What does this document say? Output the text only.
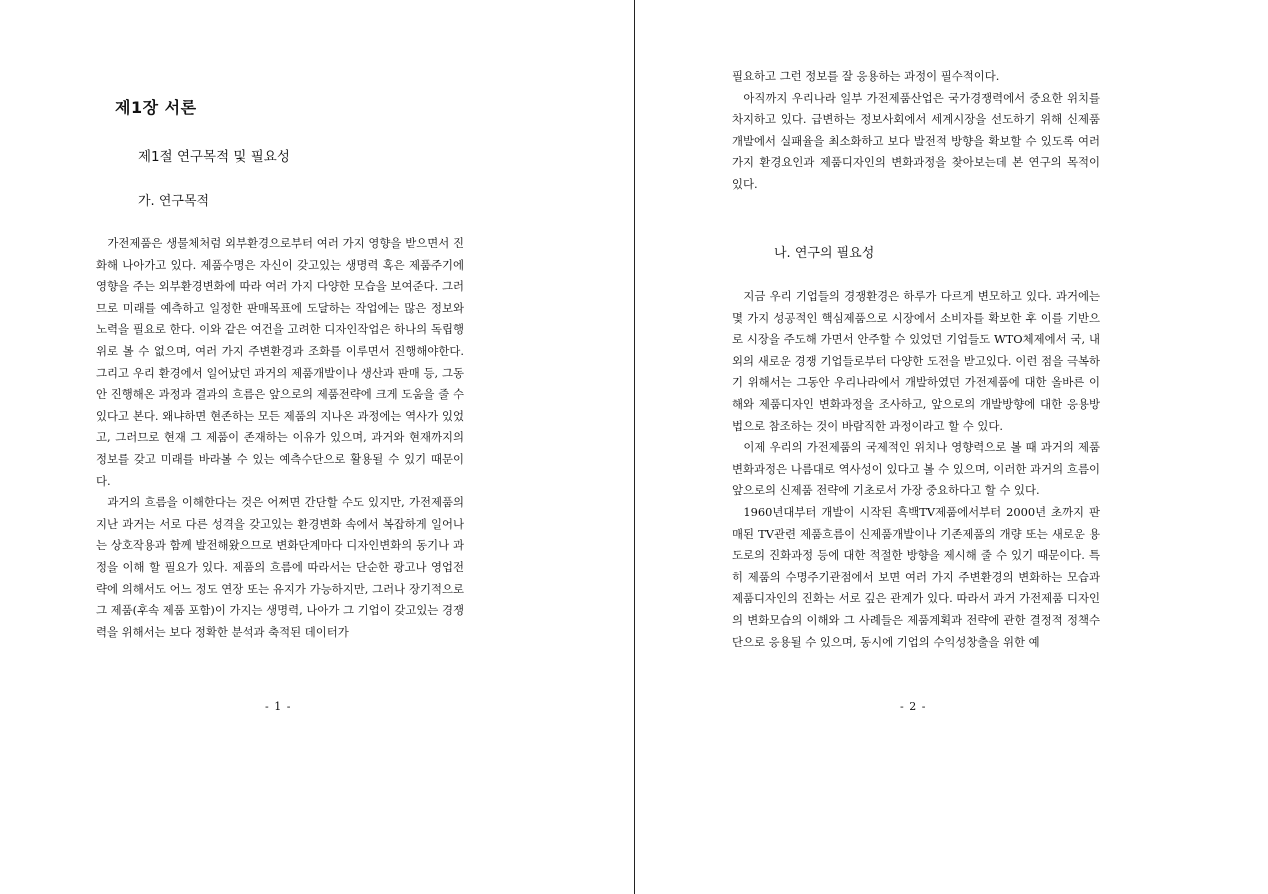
제1장 서론
제1절 연구목적 및 필요성
가. 연구목적

가전제품은 생물체처럼 외부환경으로부터 여러 가지 영향을 받으면서 진화해 나아가고 있다. 제품수명은 자신이 갖고있는 생명력 혹은 제품주기에 영향을 주는 외부환경변화에 따라 여러 가지 다양한 모습을 보여준다. 그러므로 미래를 예측하고 일정한 판매목표에 도달하는 작업에는 많은 정보와 노력을 필요로 한다. 이와 같은 여건을 고려한 디자인작업은 하나의 독립행위로 볼 수 없으며, 여러 가지 주변환경과 조화를 이루면서 진행해야한다. 그리고 우리 환경에서 일어났던 과거의 제품개발이나 생산과 판매 등, 그동안 진행해온 과정과 결과의 흐름은 앞으로의 제품전략에 크게 도움을 줄 수 있다고 본다. 왜냐하면 현존하는 모든 제품의 지나온 과정에는 역사가 있었고, 그러므로 현재 그 제품이 존재하는 이유가 있으며, 과거와 현재까지의 정보를 갖고 미래를 바라볼 수 있는 예측수단으로 활용될 수 있기 때문이다.

과거의 흐름을 이해한다는 것은 어쩌면 간단할 수도 있지만, 가전제품의 지난 과거는 서로 다른 성격을 갖고있는 환경변화 속에서 복잡하게 일어나는 상호작용과 함께 발전해왔으므로 변화단계마다 디자인변화의 동기나 과정을 이해 할 필요가 있다. 제품의 흐름에 따라서는 단순한 광고나 영업전략에 의해서도 어느 정도 연장 또는 유지가 가능하지만, 그러나 장기적으로 그 제품(후속 제품 포함)이 가지는 생명력, 나아가 그 기업이 갖고있는 경쟁력을 위해서는 보다 정확한 분석과 축적된 데이터가

- 1 -

필요하고 그런 정보를 잘 응용하는 과정이 필수적이다.

아직까지 우리나라 일부 가전제품산업은 국가경쟁력에서 중요한 위치를 차지하고 있다. 급변하는 정보사회에서 세계시장을 선도하기 위해 신제품 개발에서 실패율을 최소화하고 보다 발전적 방향을 확보할 수 있도록 여러 가지 환경요인과 제품디자인의 변화과정을 찾아보는데 본 연구의 목적이 있다.

나. 연구의 필요성

지금 우리 기업들의 경쟁환경은 하루가 다르게 변모하고 있다. 과거에는 몇 가지 성공적인 핵심제품으로 시장에서 소비자를 확보한 후 이를 기반으로 시장을 주도해 가면서 안주할 수 있었던 기업들도 WTO체제에서 국, 내외의 새로운 경쟁 기업들로부터 다양한 도전을 받고있다. 이런 점을 극복하기 위해서는 그동안 우리나라에서 개발하였던 가전제품에 대한 올바른 이해와 제품디자인 변화과정을 조사하고, 앞으로의 개발방향에 대한 응용방법으로 참조하는 것이 바람직한 과정이라고 할 수 있다.

이제 우리의 가전제품의 국제적인 위치나 영향력으로 볼 때 과거의 제품변화과정은 나름대로 역사성이 있다고 볼 수 있으며, 이러한 과거의 흐름이 앞으로의 신제품 전략에 기초로서 가장 중요하다고 할 수 있다.

1960년대부터 개발이 시작된 흑백TV제품에서부터 2000년 초까지 판매된 TV관련 제품흐름이 신제품개발이나 기존제품의 개량 또는 새로운 용도로의 진화과정 등에 대한 적절한 방향을 제시해 줄 수 있기 때문이다. 특히 제품의 수명주기관점에서 보면 여러 가지 주변환경의 변화하는 모습과 제품디자인의 진화는 서로 깊은 관계가 있다. 따라서 과거 가전제품 디자인의 변화모습의 이해와 그 사례들은 제품계획과 전략에 관한 결정적 정책수단으로 응용될 수 있으며, 동시에 기업의 수익성창출을 위한 예

- 2 -
